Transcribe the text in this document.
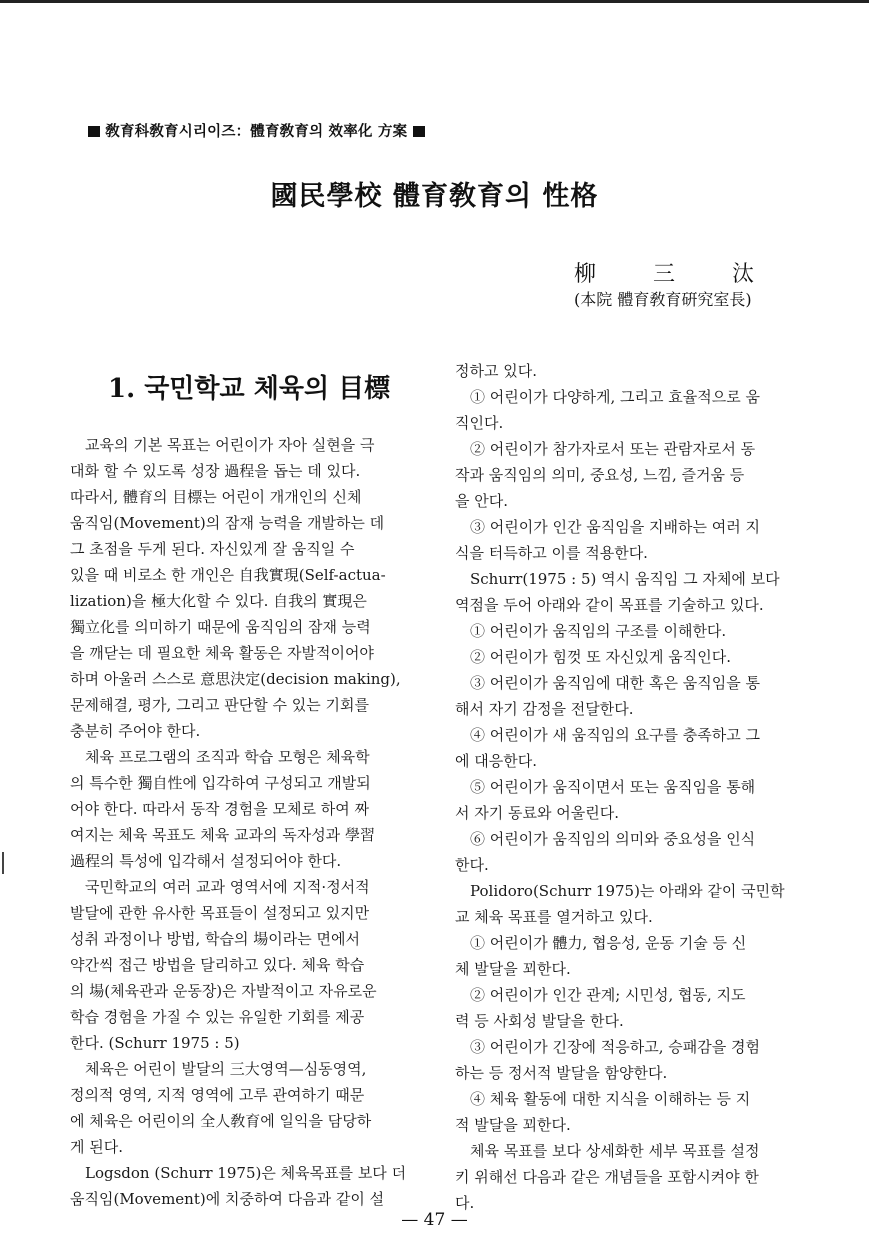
敎育科敎育시리이즈：體育敎育의 效率化 方案
國民學校 體育敎育의 性格
柳	三	汰
(本院 體育敎育硏究室長)
1. 국민학교 체육의 目標

　교육의 기본 목표는 어린이가 자아 실현을 극

대화 할 수 있도록 성장 過程을 돕는 데 있다.

따라서, 體育의 目標는 어린이 개개인의 신체

움직임(Movement)의 잠재 능력을 개발하는 데

그 초점을 두게 된다. 자신있게 잘 움직일 수

있을 때 비로소 한 개인은 自我實現(Self-actua-

lization)을 極大化할 수 있다. 自我의 實現은

獨立化를 의미하기 때문에 움직임의 잠재 능력

을 깨닫는 데 필요한 체육 활동은 자발적이어야

하며 아울러 스스로 意思決定(decision making),

문제해결, 평가, 그리고 판단할 수 있는 기회를

충분히 주어야 한다.

　체육 프로그램의 조직과 학습 모형은 체육학

의 특수한 獨自性에 입각하여 구성되고 개발되

어야 한다. 따라서 동작 경험을 모체로 하여 짜

여지는 체육 목표도 체육 교과의 독자성과 學習

過程의 특성에 입각해서 설정되어야 한다.

　국민학교의 여러 교과 영역서에 지적·정서적

발달에 관한 유사한 목표들이 설정되고 있지만

성취 과정이나 방법, 학습의 場이라는 면에서

약간씩 접근 방법을 달리하고 있다. 체육 학습

의 場(체육관과 운동장)은 자발적이고 자유로운

학습 경험을 가질 수 있는 유일한 기회를 제공

한다. (Schurr 1975 : 5)

　체육은 어린이 발달의 三大영역—심동영역,

정의적 영역, 지적 영역에 고루 관여하기 때문

에 체육은 어린이의 全人敎育에 일익을 담당하

게 된다.

　Logsdon (Schurr 1975)은 체육목표를 보다 더

움직임(Movement)에 치중하여 다음과 같이 설

정하고 있다.

　① 어린이가 다양하게, 그리고 효율적으로 움

직인다.

　② 어린이가 참가자로서 또는 관람자로서 동

작과 움직임의 의미, 중요성, 느낌, 즐거움 등

을 안다.

　③ 어린이가 인간 움직임을 지배하는 여러 지

식을 터득하고 이를 적용한다.

　Schurr(1975 : 5) 역시 움직임 그 자체에 보다

역점을 두어 아래와 같이 목표를 기술하고 있다.

　① 어린이가 움직임의 구조를 이해한다.

　② 어린이가 힘껏 또 자신있게 움직인다.

　③ 어린이가 움직임에 대한 혹은 움직임을 통

해서 자기 감정을 전달한다.

　④ 어린이가 새 움직임의 요구를 충족하고 그

에 대응한다.

　⑤ 어린이가 움직이면서 또는 움직임을 통해

서 자기 동료와 어울린다.

　⑥ 어린이가 움직임의 의미와 중요성을 인식

한다.

　Polidoro(Schurr 1975)는 아래와 같이 국민학

교 체육 목표를 열거하고 있다.

　① 어린이가 體力, 협응성, 운동 기술 등 신

체 발달을 꾀한다.

　② 어린이가 인간 관계; 시민성, 협동, 지도

력 등 사회성 발달을 한다.

　③ 어린이가 긴장에 적응하고, 승패감을 경험

하는 등 정서적 발달을 함양한다.

　④ 체육 활동에 대한 지식을 이해하는 등 지

적 발달을 꾀한다.

　체육 목표를 보다 상세화한 세부 목표를 설정

키 위해선 다음과 같은 개념들을 포함시켜야 한

다.

— 47 —
